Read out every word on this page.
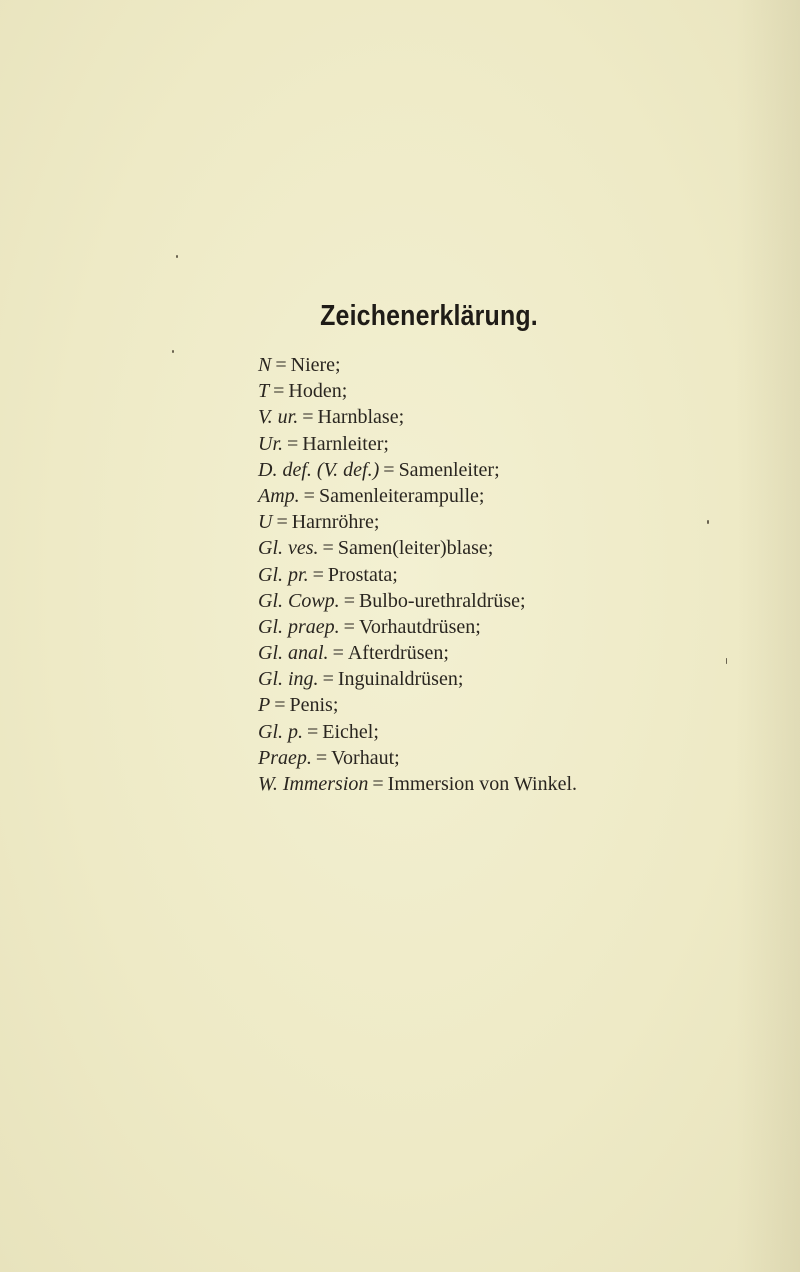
Zeichenerklärung.
N = Niere;
T = Hoden;
V. ur. = Harnblase;
Ur. = Harnleiter;
D. def. (V. def.) = Samenleiter;
Amp. = Samenleiterampulle;
U = Harnröhre;
Gl. ves. = Samen(leiter)blase;
Gl. pr. = Prostata;
Gl. Cowp. = Bulbo-urethraldrüse;
Gl. praep. = Vorhautdrüsen;
Gl. anal. = Afterdrüsen;
Gl. ing. = Inguinaldrüsen;
P = Penis;
Gl. p. = Eichel;
Praep. = Vorhaut;
W. Immersion = Immersion von Winkel.
